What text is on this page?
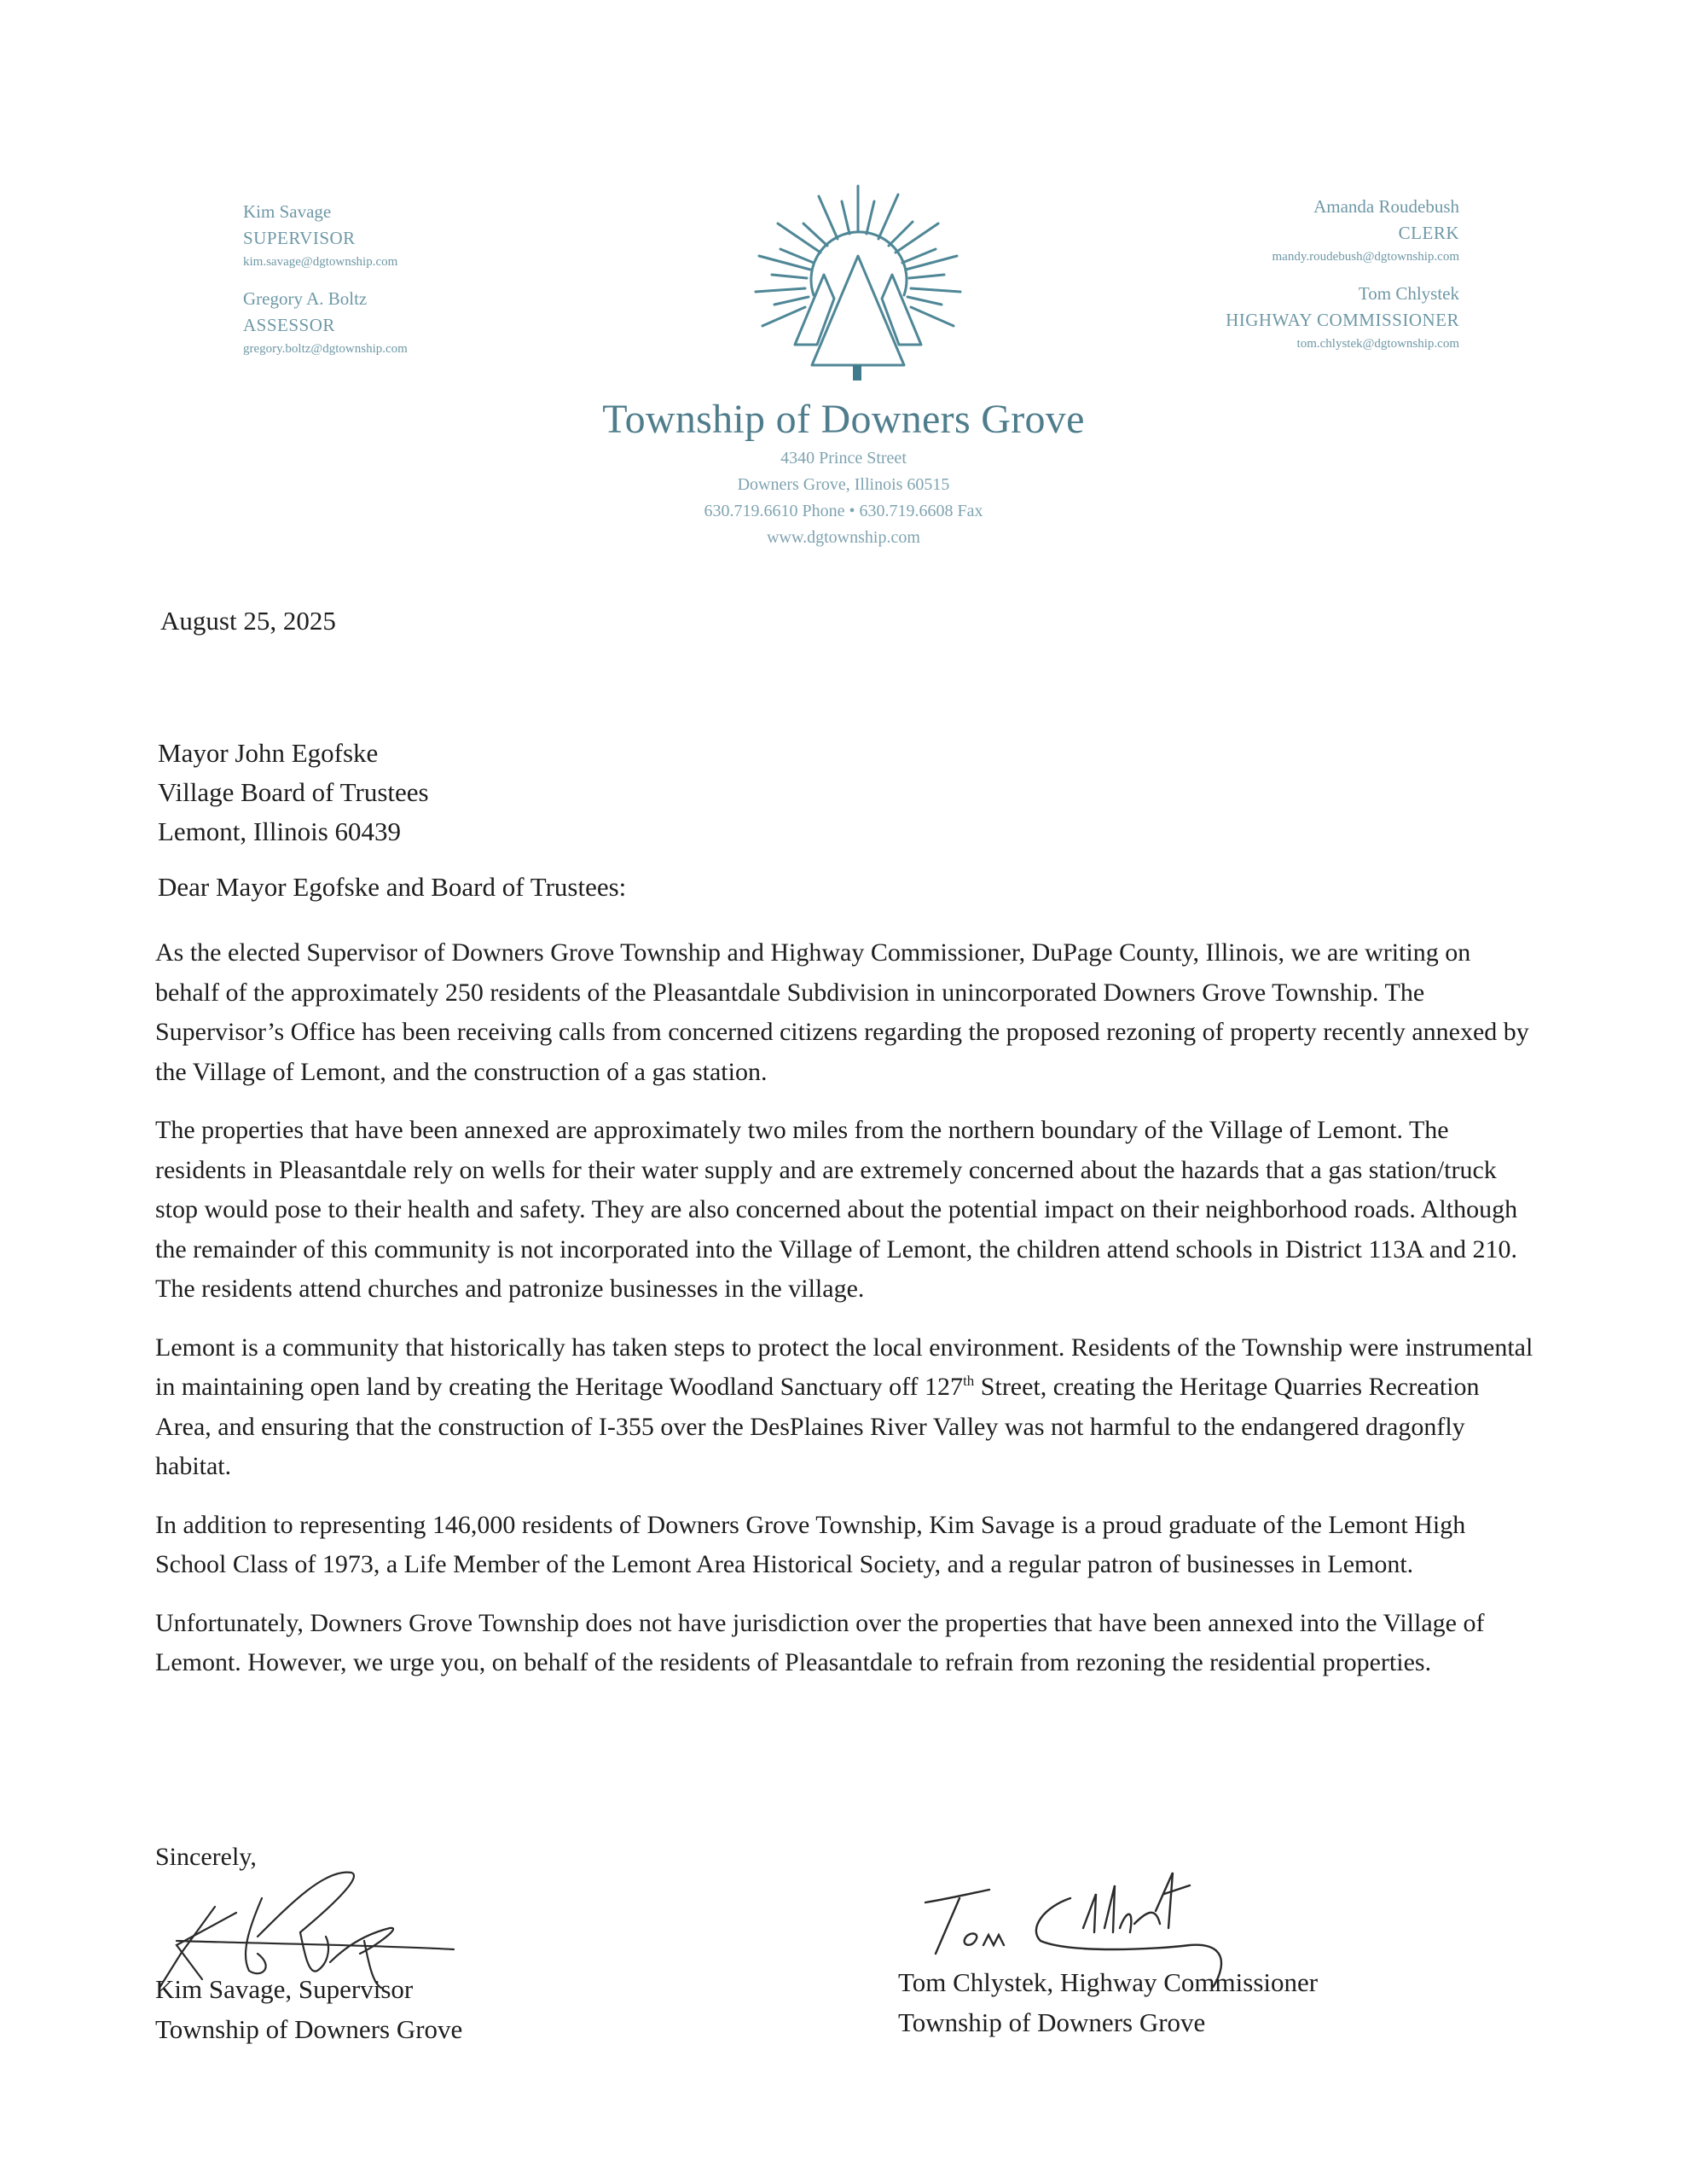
Kim Savage
SUPERVISOR
kim.savage@dgtownship.com
Gregory A. Boltz
ASSESSOR
gregory.boltz@dgtownship.com
Amanda Roudebush
CLERK
mandy.roudebush@dgtownship.com
Tom Chlystek
HIGHWAY COMMISSIONER
tom.chlystek@dgtownship.com
Township of Downers Grove
4340 Prince Street
Downers Grove, Illinois 60515
630.719.6610 Phone • 630.719.6608 Fax
www.dgtownship.com
August 25, 2025
Mayor John Egofske
Village Board of Trustees
Lemont, Illinois 60439
Dear Mayor Egofske and Board of Trustees:

As the elected Supervisor of Downers Grove Township and Highway Commissioner, DuPage County, Illinois, we are writing on behalf of the approximately 250 residents of the Pleasantdale Subdivision in unincorporated Downers Grove Township. The Supervisor’s Office has been receiving calls from concerned citizens regarding the proposed rezoning of property recently annexed by the Village of Lemont, and the construction of a gas station.

The properties that have been annexed are approximately two miles from the northern boundary of the Village of Lemont. The residents in Pleasantdale rely on wells for their water supply and are extremely concerned about the hazards that a gas station/truck stop would pose to their health and safety. They are also concerned about the potential impact on their neighborhood roads. Although the remainder of this community is not incorporated into the Village of Lemont, the children attend schools in District 113A and 210. The residents attend churches and patronize businesses in the village.

Lemont is a community that historically has taken steps to protect the local environment. Residents of the Township were instrumental in maintaining open land by creating the Heritage Woodland Sanctuary off 127th Street, creating the Heritage Quarries Recreation Area, and ensuring that the construction of I-355 over the DesPlaines River Valley was not harmful to the endangered dragonfly habitat.

In addition to representing 146,000 residents of Downers Grove Township, Kim Savage is a proud graduate of the Lemont High School Class of 1973, a Life Member of the Lemont Area Historical Society, and a regular patron of businesses in Lemont.

Unfortunately, Downers Grove Township does not have jurisdiction over the properties that have been annexed into the Village of Lemont. However, we urge you, on behalf of the residents of Pleasantdale to refrain from rezoning the residential properties.

Sincerely,
Kim Savage, Supervisor
Township of Downers Grove
Tom Chlystek, Highway Commissioner
Township of Downers Grove
